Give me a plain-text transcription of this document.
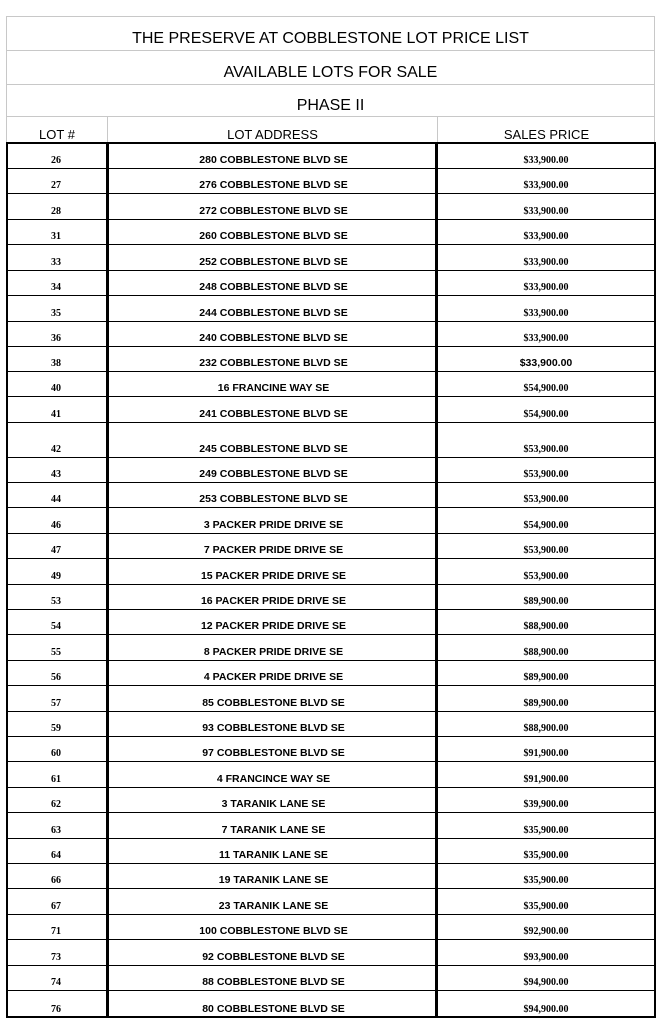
THE PRESERVE AT COBBLESTONE LOT PRICE LIST
AVAILABLE LOTS FOR SALE
PHASE II
LOT #	LOT ADDRESS	SALES PRICE
26	280 COBBLESTONE BLVD SE	$33,900.00
27	276 COBBLESTONE BLVD SE	$33,900.00
28	272 COBBLESTONE BLVD SE	$33,900.00
31	260 COBBLESTONE BLVD SE	$33,900.00
33	252 COBBLESTONE BLVD SE	$33,900.00
34	248 COBBLESTONE BLVD SE	$33,900.00
35	244 COBBLESTONE BLVD SE	$33,900.00
36	240 COBBLESTONE BLVD SE	$33,900.00
38	232 COBBLESTONE BLVD SE	$33,900.00
40	16 FRANCINE WAY SE	$54,900.00
41	241 COBBLESTONE BLVD SE	$54,900.00
42	245 COBBLESTONE BLVD SE	$53,900.00
43	249 COBBLESTONE BLVD SE	$53,900.00
44	253 COBBLESTONE BLVD SE	$53,900.00
46	3 PACKER PRIDE DRIVE SE	$54,900.00
47	7 PACKER PRIDE DRIVE SE	$53,900.00
49	15 PACKER PRIDE DRIVE SE	$53,900.00
53	16 PACKER PRIDE DRIVE SE	$89,900.00
54	12 PACKER PRIDE DRIVE SE	$88,900.00
55	8 PACKER PRIDE DRIVE SE	$88,900.00
56	4 PACKER PRIDE DRIVE SE	$89,900.00
57	85 COBBLESTONE BLVD SE	$89,900.00
59	93 COBBLESTONE BLVD SE	$88,900.00
60	97 COBBLESTONE BLVD SE	$91,900.00
61	4 FRANCINCE WAY SE	$91,900.00
62	3 TARANIK LANE SE	$39,900.00
63	7 TARANIK LANE SE	$35,900.00
64	11 TARANIK LANE SE	$35,900.00
66	19 TARANIK LANE SE	$35,900.00
67	23 TARANIK LANE SE	$35,900.00
71	100 COBBLESTONE BLVD SE	$92,900.00
73	92 COBBLESTONE BLVD SE	$93,900.00
74	88 COBBLESTONE BLVD SE	$94,900.00
76	80 COBBLESTONE BLVD SE	$94,900.00
